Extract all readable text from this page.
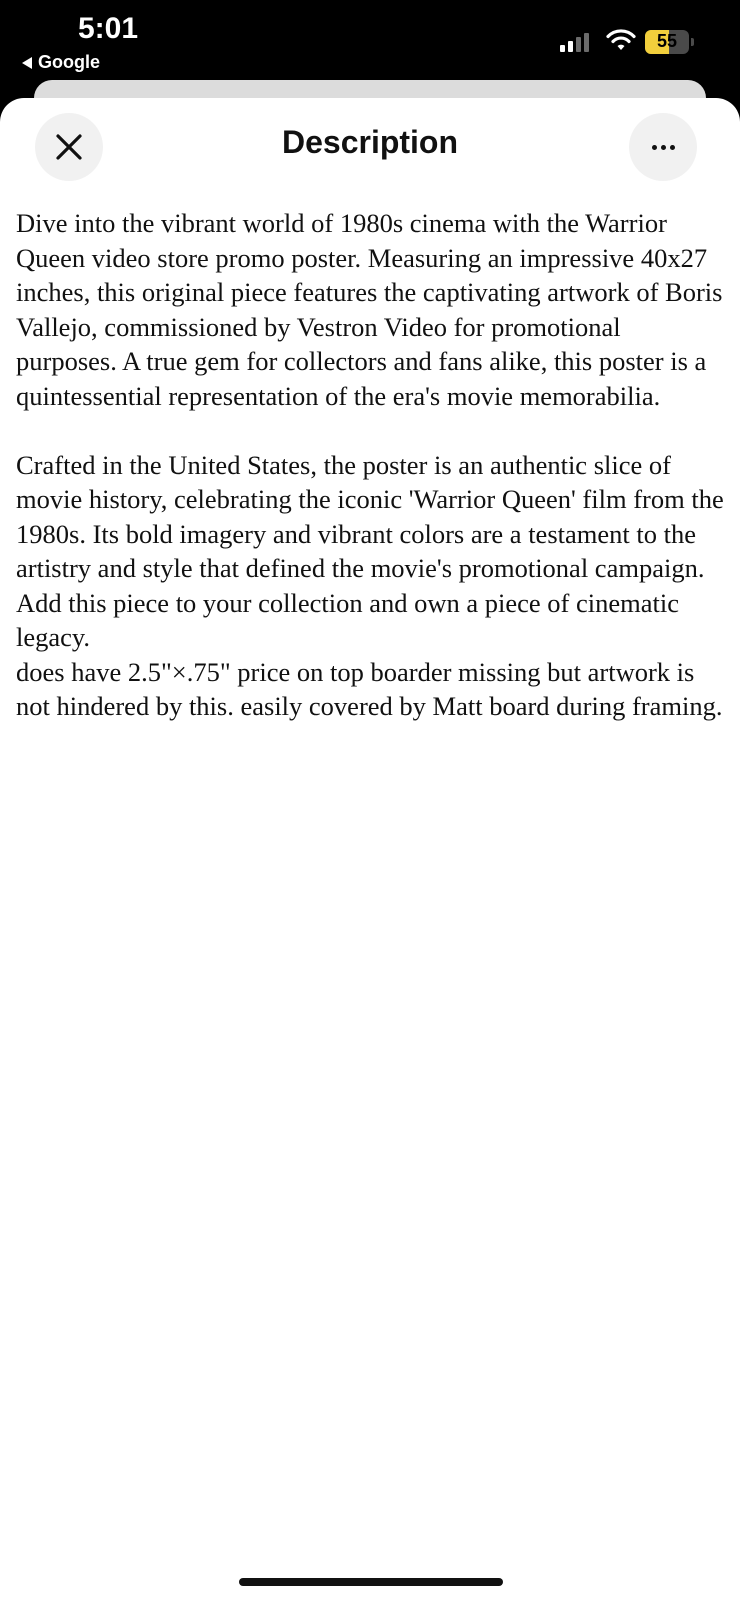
5:01
Google
55
Description

Dive into the vibrant world of 1980s cinema with the Warrior Queen video store promo poster. Measuring an impressive 40x27 inches, this original piece features the captivating artwork of Boris Vallejo, commissioned by Vestron Video for promotional purposes. A true gem for collectors and fans alike, this poster is a quintessential representation of the era's movie memorabilia.

Crafted in the United States, the poster is an authentic slice of movie history, celebrating the iconic 'Warrior Queen' film from the 1980s. Its bold imagery and vibrant colors are a testament to the artistry and style that defined the movie's promotional campaign. Add this piece to your collection and own a piece of cinematic legacy.

does have 2.5"×.75" price on top boarder missing but artwork is not hindered by this. easily covered by Matt board during framing.
